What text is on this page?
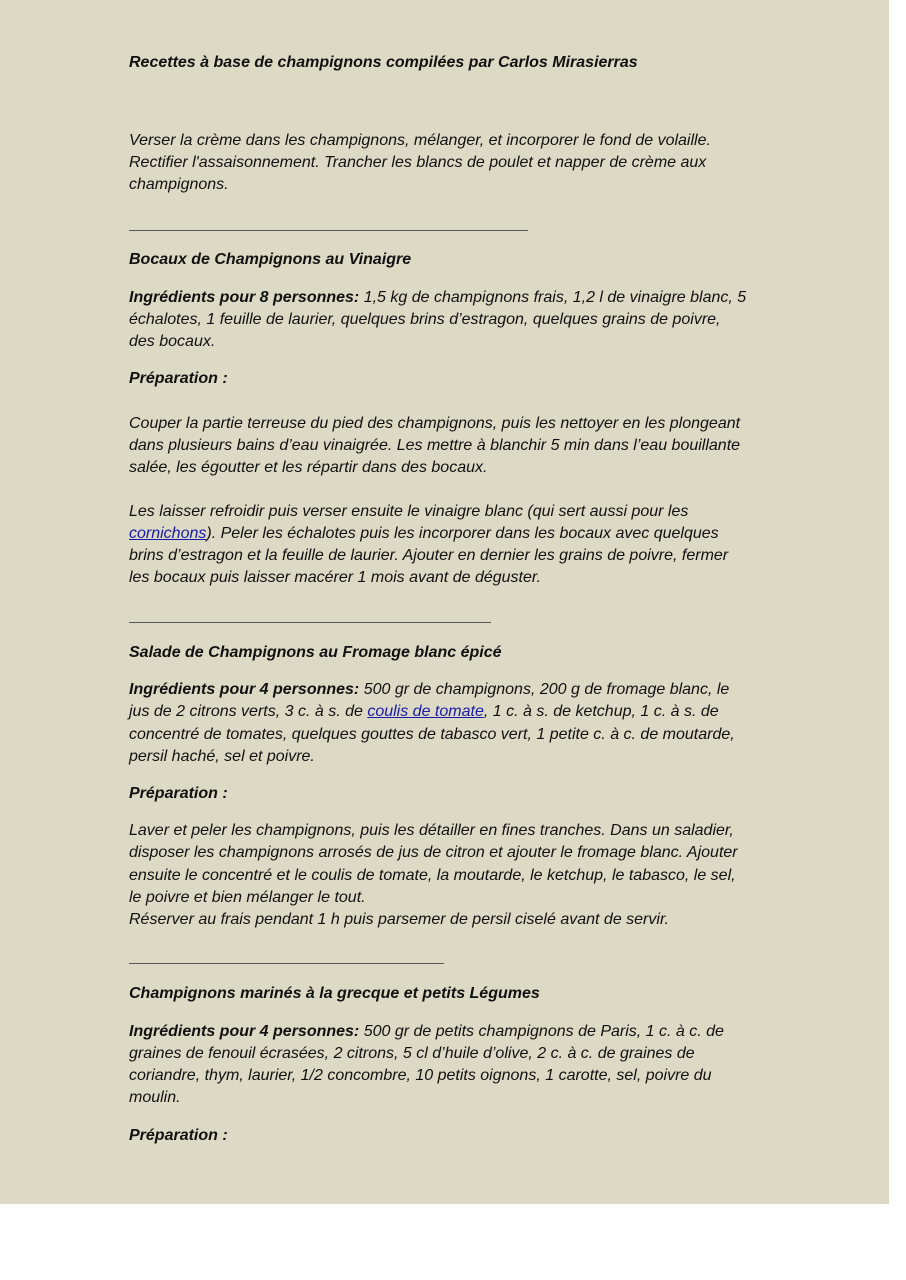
Recettes à base de champignons compilées par Carlos Mirasierras

Verser la crème dans les champignons, mélanger, et incorporer le fond de volaille.

Rectifier l'assaisonnement. Trancher les blancs de poulet et napper de crème aux

champignons.

Bocaux de Champignons au Vinaigre

Ingrédients pour 8 personnes: 1,5 kg de champignons frais, 1,2 l de vinaigre blanc, 5

échalotes, 1 feuille de laurier, quelques brins d’estragon, quelques grains de poivre,

des bocaux.

Préparation :

Couper la partie terreuse du pied des champignons, puis les nettoyer en les plongeant

dans plusieurs bains d’eau vinaigrée. Les mettre à blanchir 5 min dans l’eau bouillante

salée, les égoutter et les répartir dans des bocaux.

Les laisser refroidir puis verser ensuite le vinaigre blanc (qui sert aussi pour les

cornichons). Peler les échalotes puis les incorporer dans les bocaux avec quelques

brins d’estragon et la feuille de laurier. Ajouter en dernier les grains de poivre, fermer

les bocaux puis laisser macérer 1 mois avant de déguster.

Salade de Champignons au Fromage blanc épicé

Ingrédients pour 4 personnes: 500 gr de champignons, 200 g de fromage blanc, le

jus de 2 citrons verts, 3 c. à s. de coulis de tomate, 1 c. à s. de ketchup, 1 c. à s. de

concentré de tomates, quelques gouttes de tabasco vert, 1 petite c. à c. de moutarde,

persil haché, sel et poivre.

Préparation :

Laver et peler les champignons, puis les détailler en fines tranches. Dans un saladier,

disposer les champignons arrosés de jus de citron et ajouter le fromage blanc. Ajouter

ensuite le concentré et le coulis de tomate, la moutarde, le ketchup, le tabasco, le sel,

le poivre et bien mélanger le tout.

Réserver au frais pendant 1 h puis parsemer de persil ciselé avant de servir.

Champignons marinés à la grecque et petits Légumes

Ingrédients pour 4 personnes: 500 gr de petits champignons de Paris, 1 c. à c. de

graines de fenouil écrasées, 2 citrons, 5 cl d’huile d’olive, 2 c. à c. de graines de

coriandre, thym, laurier, 1/2 concombre, 10 petits oignons, 1 carotte, sel, poivre du

moulin.

Préparation :
